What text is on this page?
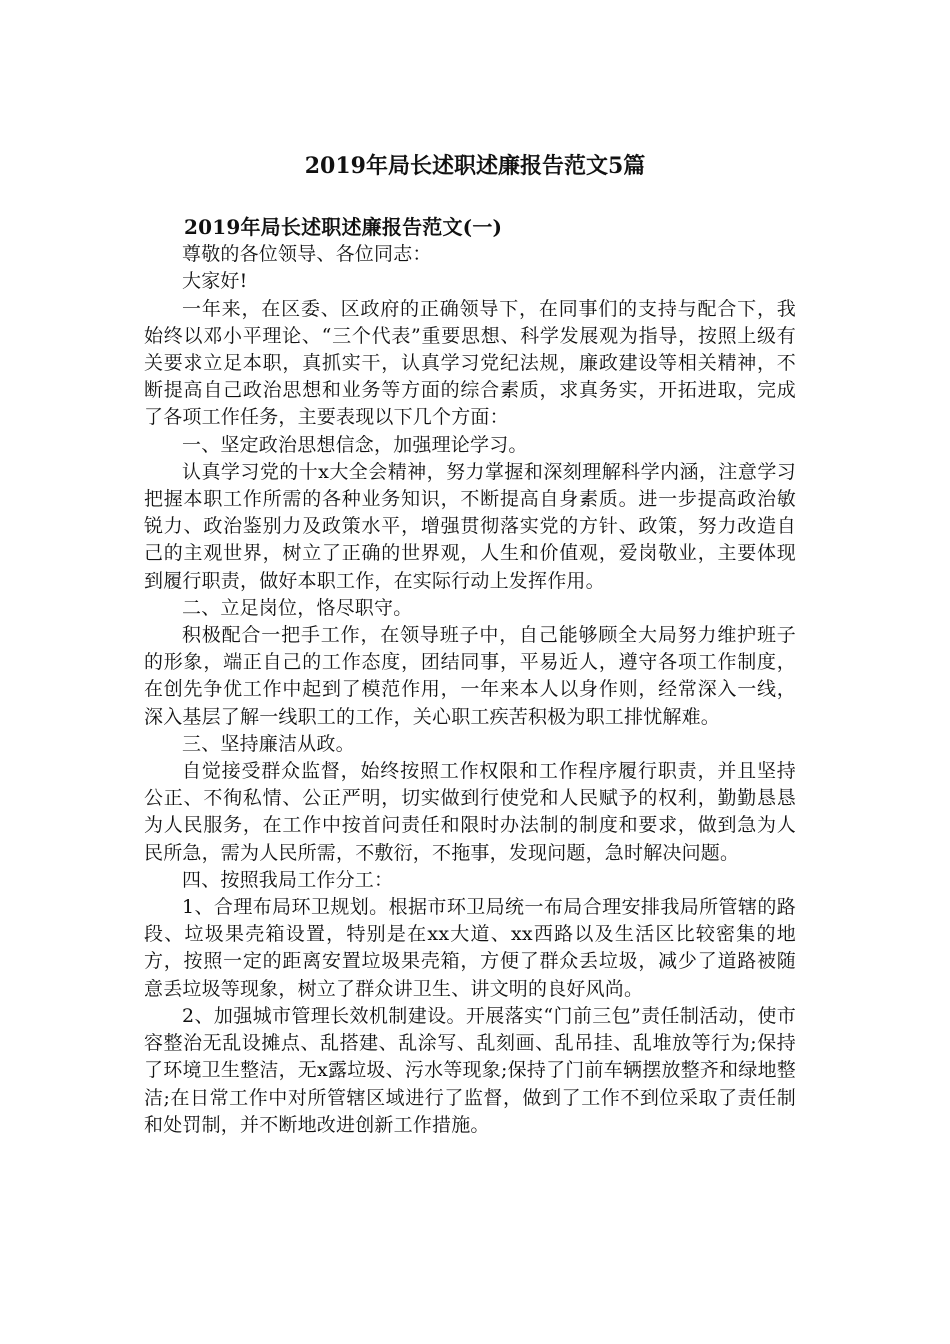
2019年局长述职述廉报告范文5篇

2019年局长述职述廉报告范文(一)

尊敬的各位领导、各位同志：

大家好!

一年来，在区委、区政府的正确领导下，在同事们的支持与配合下，我始终以邓小平理论、“三个代表”重要思想、科学发展观为指导，按照上级有关要求立足本职，真抓实干，认真学习党纪法规，廉政建设等相关精神，不断提高自己政治思想和业务等方面的综合素质，求真务实，开拓进取，完成了各项工作任务，主要表现以下几个方面：

一、坚定政治思想信念，加强理论学习。

认真学习党的十x大全会精神，努力掌握和深刻理解科学内涵，注意学习把握本职工作所需的各种业务知识，不断提高自身素质。进一步提高政治敏锐力、政治鉴别力及政策水平，增强贯彻落实党的方针、政策，努力改造自己的主观世界，树立了正确的世界观，人生和价值观，爱岗敬业，主要体现到履行职责，做好本职工作，在实际行动上发挥作用。

二、立足岗位，恪尽职守。

积极配合一把手工作，在领导班子中，自己能够顾全大局努力维护班子的形象，端正自己的工作态度，团结同事，平易近人，遵守各项工作制度，在创先争优工作中起到了模范作用，一年来本人以身作则，经常深入一线，深入基层了解一线职工的工作，关心职工疾苦积极为职工排忧解难。

三、坚持廉洁从政。

自觉接受群众监督，始终按照工作权限和工作程序履行职责，并且坚持公正、不徇私情、公正严明，切实做到行使党和人民赋予的权利，勤勤恳恳为人民服务，在工作中按首问责任和限时办法制的制度和要求，做到急为人民所急，需为人民所需，不敷衍，不拖事，发现问题，急时解决问题。

四、按照我局工作分工：

1、合理布局环卫规划。根据市环卫局统一布局合理安排我局所管辖的路段、垃圾果壳箱设置，特别是在xx大道、xx西路以及生活区比较密集的地方，按照一定的距离安置垃圾果壳箱，方便了群众丢垃圾，减少了道路被随意丢垃圾等现象，树立了群众讲卫生、讲文明的良好风尚。

2、加强城市管理长效机制建设。开展落实“门前三包”责任制活动，使市容整治无乱设摊点、乱搭建、乱涂写、乱刻画、乱吊挂、乱堆放等行为;保持了环境卫生整洁，无x露垃圾、污水等现象;保持了门前车辆摆放整齐和绿地整洁;在日常工作中对所管辖区域进行了监督，做到了工作不到位采取了责任制和处罚制，并不断地改进创新工作措施。
